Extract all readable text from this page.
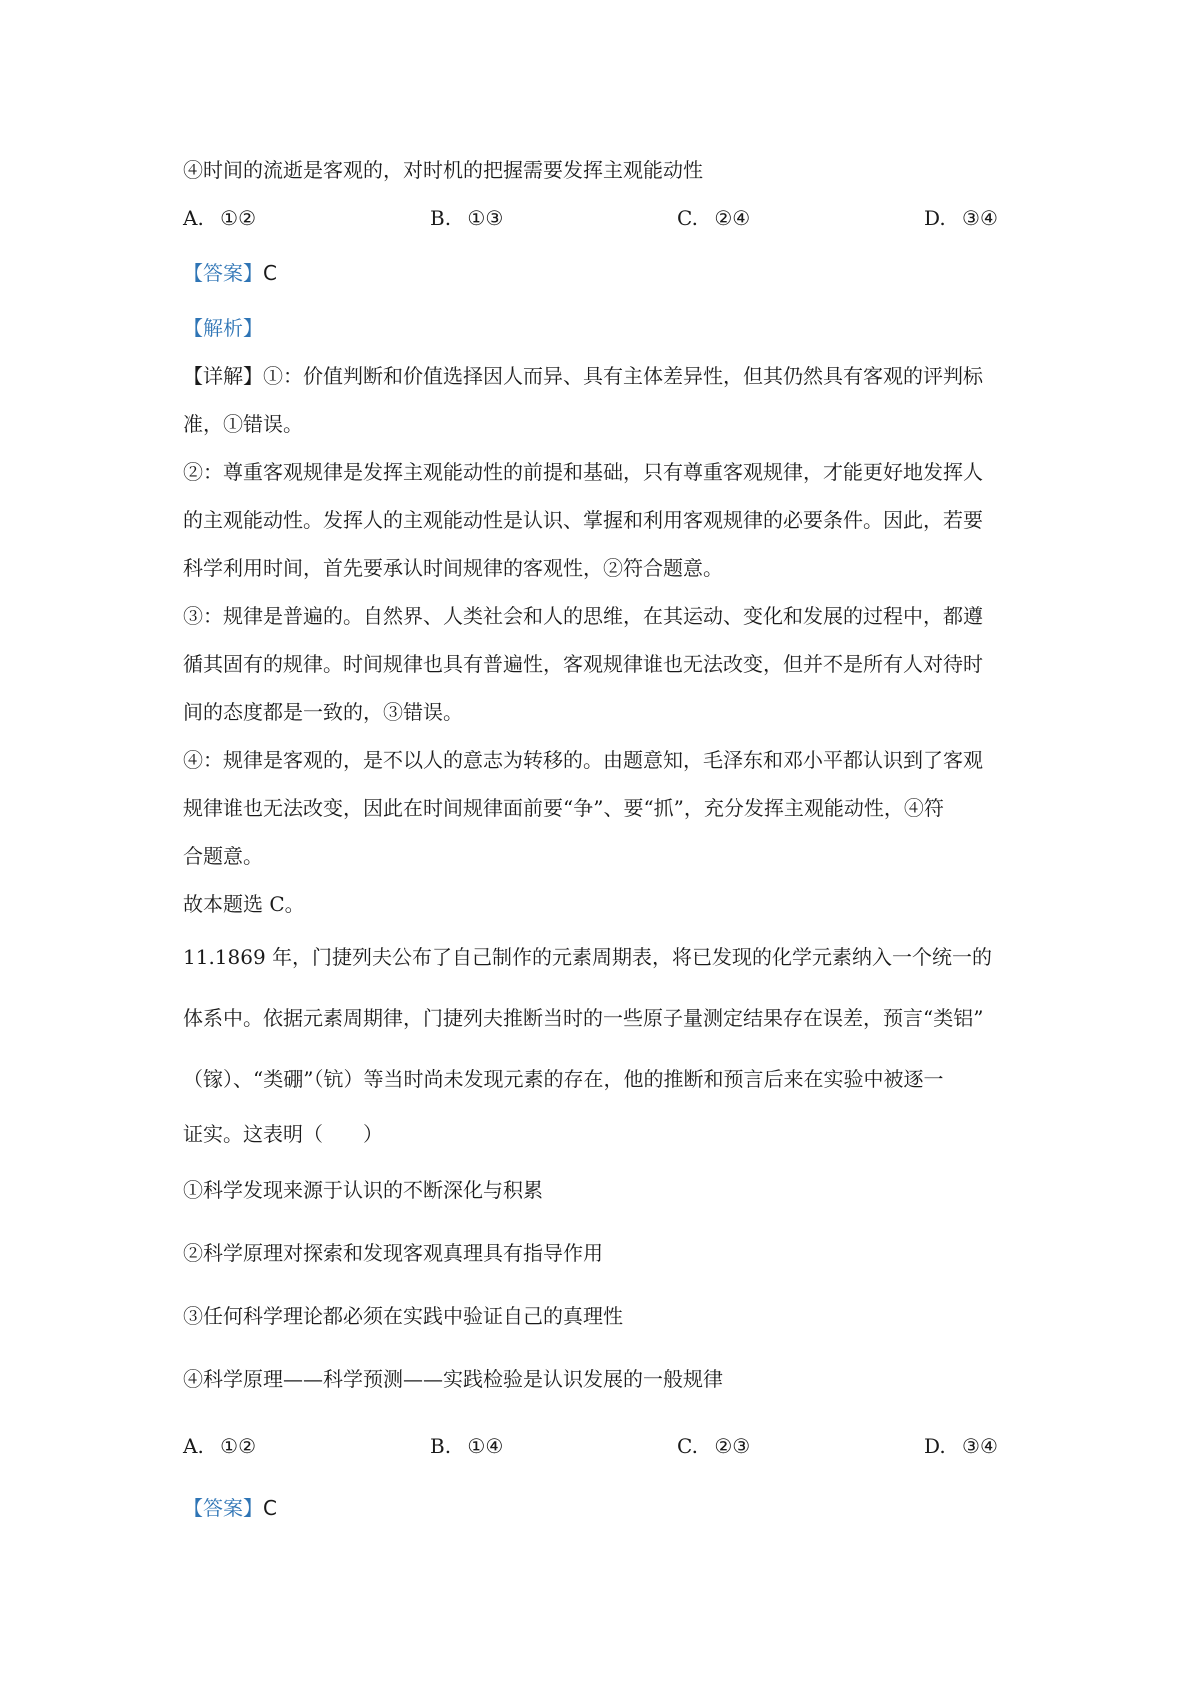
④时间的流逝是客观的，对时机的把握需要发挥主观能动性
A. ①②	B. ①③	C. ②④	D. ③④
【答案】C
【解析】
【详解】①：价值判断和价值选择因人而异、具有主体差异性，但其仍然具有客观的评判标
准，①错误。
②：尊重客观规律是发挥主观能动性的前提和基础，只有尊重客观规律，才能更好地发挥人
的主观能动性。发挥人的主观能动性是认识、掌握和利用客观规律的必要条件。因此，若要
科学利用时间，首先要承认时间规律的客观性，②符合题意。
③：规律是普遍的。自然界、人类社会和人的思维，在其运动、变化和发展的过程中，都遵
循其固有的规律。时间规律也具有普遍性，客观规律谁也无法改变，但并不是所有人对待时
间的态度都是一致的，③错误。
④：规律是客观的，是不以人的意志为转移的。由题意知，毛泽东和邓小平都认识到了客观
规律谁也无法改变，因此在时间规律面前要“争”、要“抓”，充分发挥主观能动性，④符
合题意。
故本题选 C。
11.1869 年，门捷列夫公布了自己制作的元素周期表，将已发现的化学元素纳入一个统一的
体系中。依据元素周期律，门捷列夫推断当时的一些原子量测定结果存在误差，预言“类铝”
（镓）、“类硼”（钪）等当时尚未发现元素的存在，他的推断和预言后来在实验中被逐一
证实。这表明（　　）
①科学发现来源于认识的不断深化与积累
②科学原理对探索和发现客观真理具有指导作用
③任何科学理论都必须在实践中验证自己的真理性
④科学原理——科学预测——实践检验是认识发展的一般规律
A. ①②	B. ①④	C. ②③	D. ③④
【答案】C
